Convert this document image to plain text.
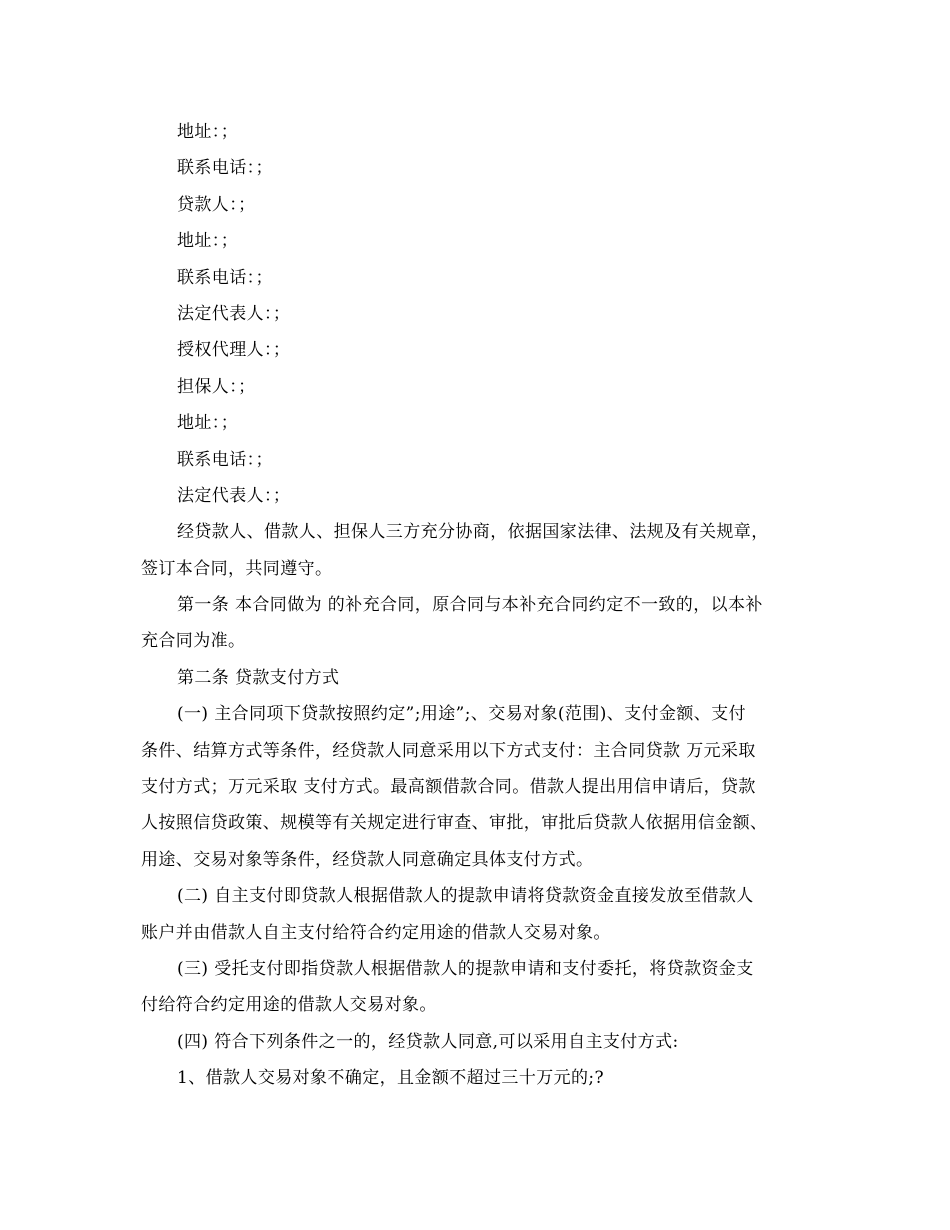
地址：；
联系电话：；
贷款人：；
地址：；
联系电话：；
法定代表人：；
授权代理人：；
担保人：；
地址：；
联系电话：；
法定代表人：；
经贷款人、借款人、担保人三方充分协商，依据国家法律、法规及有关规章，
签订本合同，共同遵守。
第一条 本合同做为 的补充合同，原合同与本补充合同约定不一致的，以本补
充合同为准。
第二条 贷款支付方式
(一) 主合同项下贷款按照约定”;用途”;、交易对象(范围)、支付金额、支付
条件、结算方式等条件，经贷款人同意采用以下方式支付：主合同贷款 万元采取
支付方式；万元采取 支付方式。最高额借款合同。借款人提出用信申请后，贷款
人按照信贷政策、规模等有关规定进行审查、审批，审批后贷款人依据用信金额、
用途、交易对象等条件，经贷款人同意确定具体支付方式。
(二) 自主支付即贷款人根据借款人的提款申请将贷款资金直接发放至借款人
账户并由借款人自主支付给符合约定用途的借款人交易对象。
(三) 受托支付即指贷款人根据借款人的提款申请和支付委托，将贷款资金支
付给符合约定用途的借款人交易对象。
(四) 符合下列条件之一的，经贷款人同意,可以采用自主支付方式:
1、借款人交易对象不确定，且金额不超过三十万元的;?
